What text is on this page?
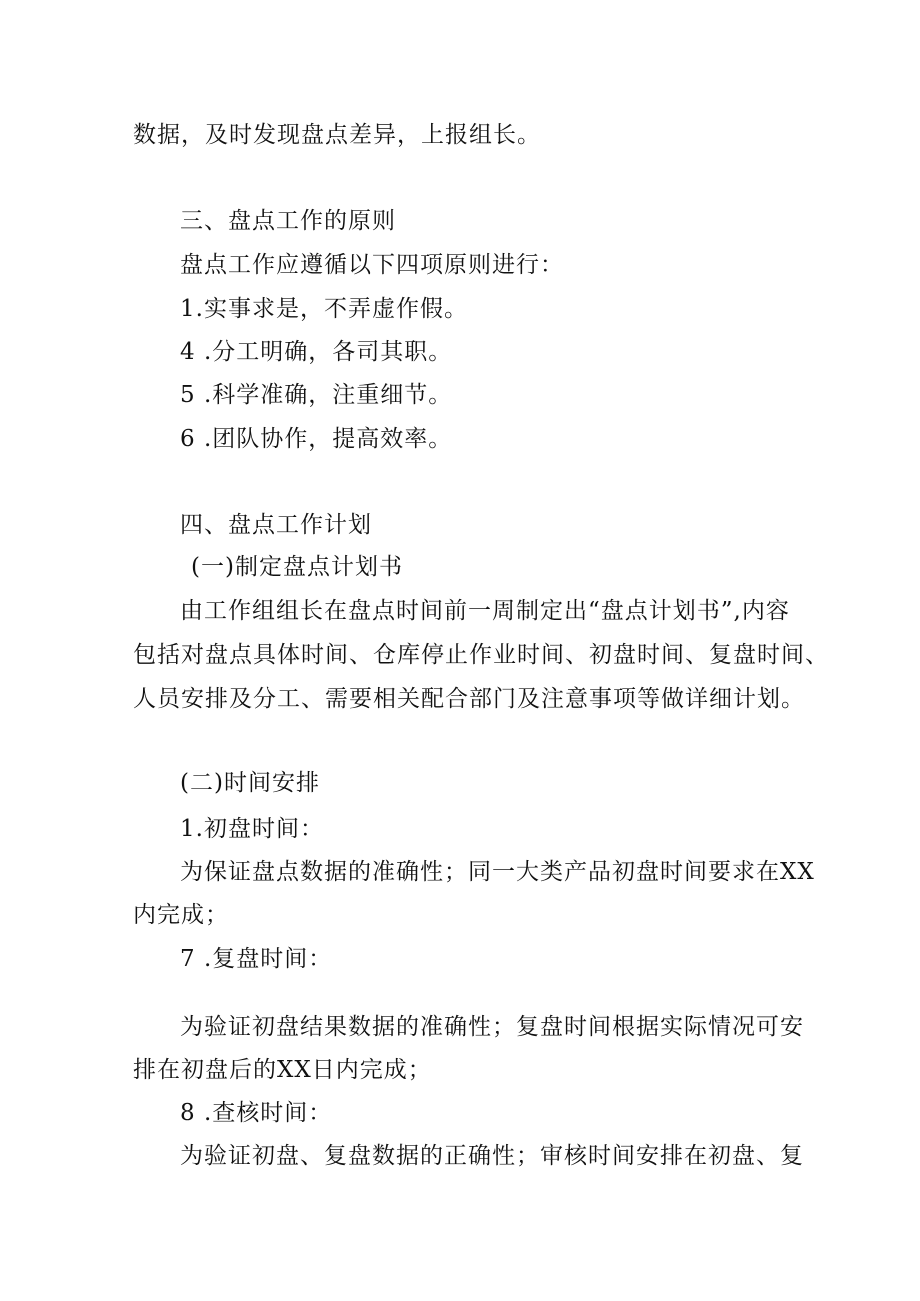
数据，及时发现盘点差异，上报组长。
三、盘点工作的原则
盘点工作应遵循以下四项原则进行：
1.实事求是，不弄虚作假。
4 .分工明确，各司其职。
5 .科学准确，注重细节。
6 .团队协作，提高效率。
四、盘点工作计划
(一)制定盘点计划书
由工作组组长在盘点时间前一周制定出“盘点计划书”,内容
包括对盘点具体时间、仓库停止作业时间、初盘时间、复盘时间、
人员安排及分工、需要相关配合部门及注意事项等做详细计划。
(二)时间安排
1.初盘时间：
为保证盘点数据的准确性；同一大类产品初盘时间要求在XX
内完成；
7 .复盘时间：
为验证初盘结果数据的准确性；复盘时间根据实际情况可安
排在初盘后的XX日内完成；
8 .查核时间：
为验证初盘、复盘数据的正确性；审核时间安排在初盘、复
